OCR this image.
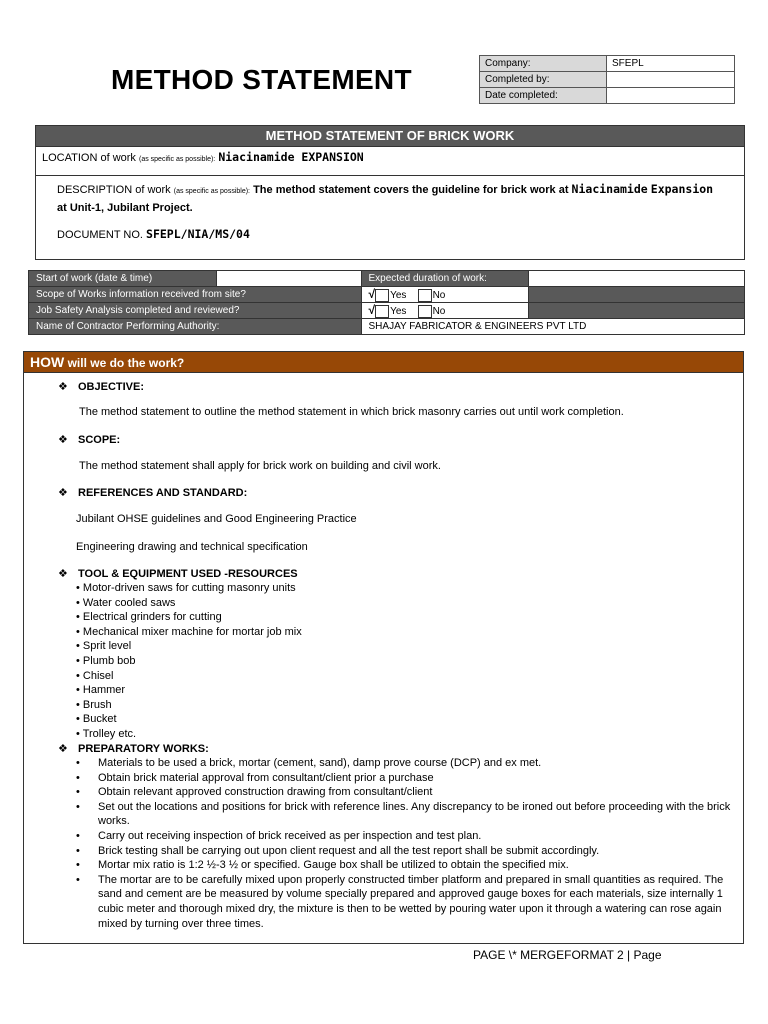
METHOD STATEMENT
Company:	SFEPL
Completed by:	
Date completed:	
METHOD STATEMENT OF BRICK WORK
LOCATION of work (as specific as possible): Niacinamide EXPANSION
DESCRIPTION of work (as specific as possible): The method statement covers the guideline for brick work at Niacinamide Expansion at Unit-1, Jubilant Project.
DOCUMENT NO. SFEPL/NIA/MS/04
Start of work (date & time)		Expected duration of work:	
Scope of Works information received from site?		√ Yes No	
Job Safety Analysis completed and reviewed?		√ Yes No	
Name of Contractor Performing Authority:		SHAJAY FABRICATOR & ENGINEERS PVT LTD	
HOW will we do the work?
❖ OBJECTIVE:
The method statement to outline the method statement in which brick masonry carries out until work completion.
❖ SCOPE:
The method statement shall apply for brick work on building and civil work.
❖ REFERENCES AND STANDARD:
Jubilant OHSE guidelines and Good Engineering Practice
Engineering drawing and technical specification
❖ TOOL & EQUIPMENT USED -RESOURCES
• Motor-driven saws for cutting masonry units
• Water cooled saws
• Electrical grinders for cutting
• Mechanical mixer machine for mortar job mix
• Sprit level
• Plumb bob
• Chisel
• Hammer
• Brush
• Bucket
• Trolley etc.
❖ PREPARATORY WORKS:
• Materials to be used a brick, mortar (cement, sand), damp prove course (DCP) and ex met.
• Obtain brick material approval from consultant/client prior a purchase
• Obtain relevant approved construction drawing from consultant/client
• Set out the locations and positions for brick with reference lines. Any discrepancy to be ironed out before proceeding with the brick works.
• Carry out receiving inspection of brick received as per inspection and test plan.
• Brick testing shall be carrying out upon client request and all the test report shall be submit accordingly.
• Mortar mix ratio is 1:2 ½-3 ½ or specified. Gauge box shall be utilized to obtain the specified mix.
• The mortar are to be carefully mixed upon properly constructed timber platform and prepared in small quantities as required. The sand and cement are be measured by volume specially prepared and approved gauge boxes for each materials, size internally 1 cubic meter and thorough mixed dry, the mixture is then to be wetted by pouring water upon it through a watering can rose again mixed by turning over three times.
PAGE \* MERGEFORMAT 2 | Page
